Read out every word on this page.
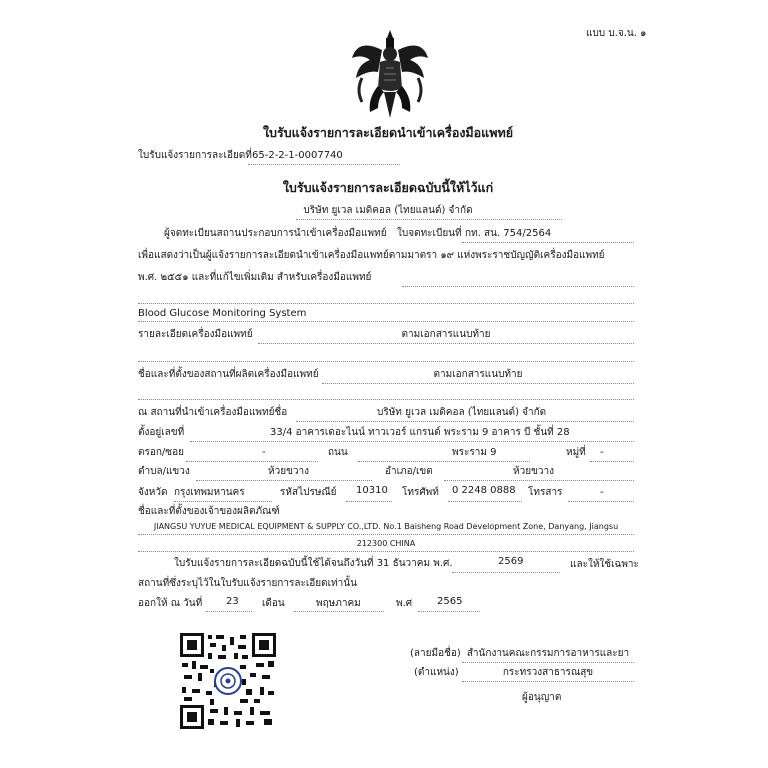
แบบ บ.จ.น. ๑
ใบรับแจ้งรายการละเอียดนำเข้าเครื่องมือแพทย์
ใบรับแจ้งรายการละเอียดที่ 65-2-2-1-0007740
ใบรับแจ้งรายการละเอียดฉบับนี้ให้ไว้แก่
บริษัท ยูเวล เมดิคอล (ไทยแลนด์) จำกัด
ผู้จดทะเบียนสถานประกอบการนำเข้าเครื่องมือแพทย์ ใบจดทะเบียนที่ กท. สน. 754/2564
เพื่อแสดงว่าเป็นผู้แจ้งรายการละเอียดนำเข้าเครื่องมือแพทย์ตามมาตรา ๑๙ แห่งพระราชบัญญัติเครื่องมือแพทย์
พ.ศ. ๒๕๕๑ และที่แก้ไขเพิ่มเติม สำหรับเครื่องมือแพทย์
Blood Glucose Monitoring System
รายละเอียดเครื่องมือแพทย์	ตามเอกสารแนบท้าย
ชื่อและที่ตั้งของสถานที่ผลิตเครื่องมือแพทย์	ตามเอกสารแนบท้าย
ณ สถานที่นำเข้าเครื่องมือแพทย์ชื่อ	บริษัท ยูเวล เมดิคอล (ไทยแลนด์) จำกัด
ตั้งอยู่เลขที่	33/4 อาคารเดอะไนน์ ทาวเวอร์ แกรนด์ พระราม 9 อาคาร บี ชั้นที่ 28
ตรอก/ซอย	-	ถนน	พระราม 9	หมู่ที่ -
ตำบล/แขวง	ห้วยขวาง	อำเภอ/เขต	ห้วยขวาง
จังหวัด กรุงเทพมหานคร	รหัสไปรษณีย์ 10310 โทรศัพท์ 0 2248 0888 โทรสาร	-
ชื่อและที่ตั้งของเจ้าของผลิตภัณฑ์
JIANGSU YUYUE MEDICAL EQUIPMENT & SUPPLY CO.,LTD. No.1 Baisheng Road Development Zone, Danyang, Jiangsu
212300 CHINA
ใบรับแจ้งรายการละเอียดฉบับนี้ใช้ได้จนถึงวันที่ 31 ธันวาคม พ.ศ.	2569	และให้ใช้เฉพาะ
สถานที่ซึ่งระบุไว้ในใบรับแจ้งรายการละเอียดเท่านั้น
ออกให้ ณ วันที่ 23 เดือน	พฤษภาคม	พ.ศ 2565
(ลายมือชื่อ) สำนักงานคณะกรรมการอาหารและยา
(ตำแหน่ง)	กระทรวงสาธารณสุข
ผู้อนุญาต
